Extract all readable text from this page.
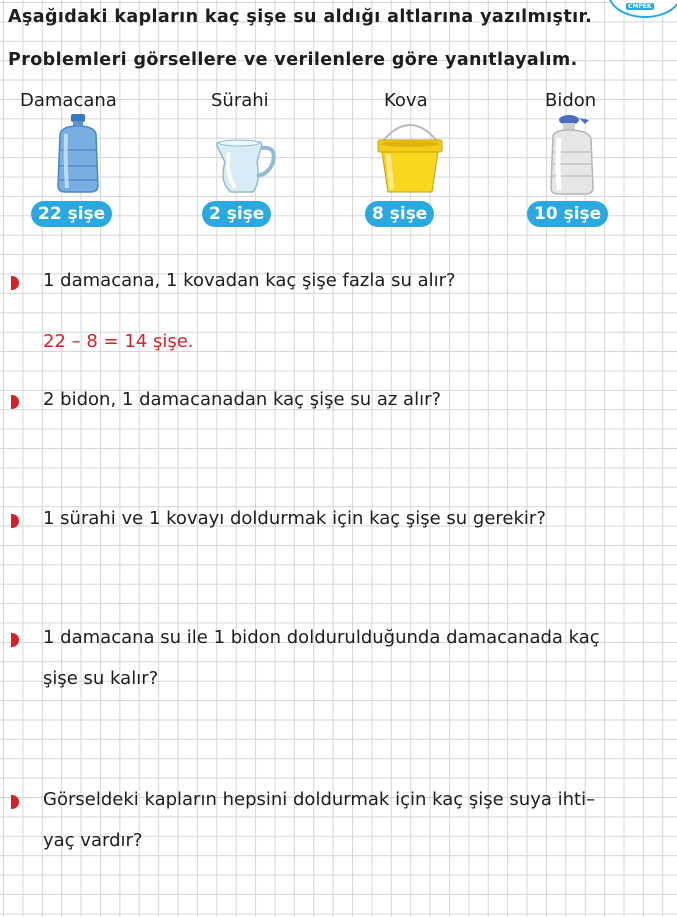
CMPEK
Aşağıdaki kapların kaç şişe su aldığı altlarına yazılmıştır.
Problemleri görsellere ve verilenlere göre yanıtlayalım.
Damacana	Sürahi	Kova	Bidon
22 şişe	2 şişe	8 şişe	10 şişe
1 damacana, 1 kovadan kaç şişe fazla su alır?
22 – 8 = 14 şişe.
2 bidon, 1 damacanadan kaç şişe su az alır?
1 sürahi ve 1 kovayı doldurmak için kaç şişe su gerekir?
1 damacana su ile 1 bidon doldurulduğunda damacanada kaç
şişe su kalır?
Görseldeki kapların hepsini doldurmak için kaç şişe suya ihti–
yaç vardır?
